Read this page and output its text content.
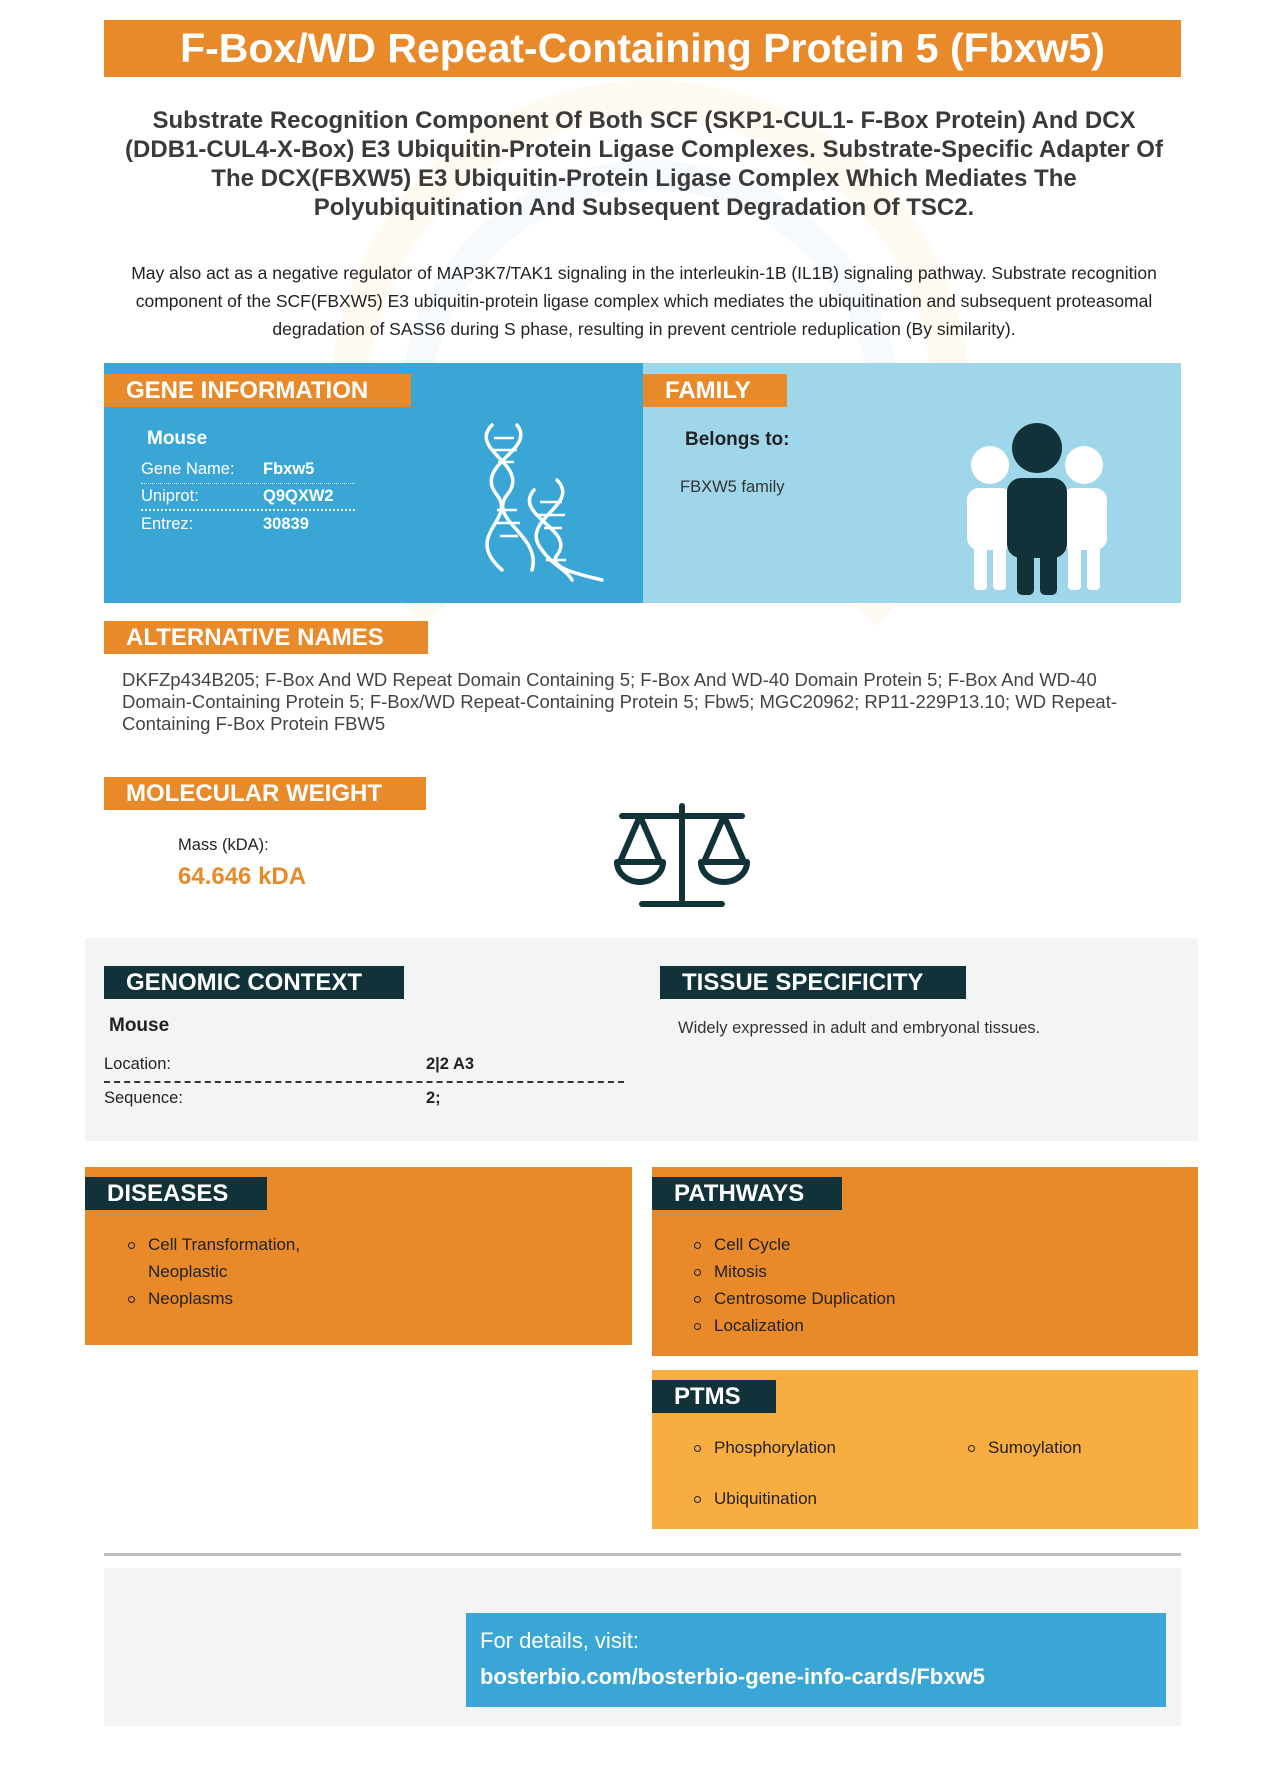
F-Box/WD Repeat-Containing Protein 5 (Fbxw5)
Substrate Recognition Component Of Both SCF (SKP1-CUL1- F-Box Protein) And DCX (DDB1-CUL4-X-Box) E3 Ubiquitin-Protein Ligase Complexes. Substrate-Specific Adapter Of The DCX(FBXW5) E3 Ubiquitin-Protein Ligase Complex Which Mediates The Polyubiquitination And Subsequent Degradation Of TSC2.
May also act as a negative regulator of MAP3K7/TAK1 signaling in the interleukin-1B (IL1B) signaling pathway. Substrate recognition component of the SCF(FBXW5) E3 ubiquitin-protein ligase complex which mediates the ubiquitination and subsequent proteasomal degradation of SASS6 during S phase, resulting in prevent centriole reduplication (By similarity).
GENE INFORMATION
Mouse
Gene Name: Fbxw5
Uniprot:	Q9QXW2
Entrez:	30839
FAMILY
Belongs to:
FBXW5 family
ALTERNATIVE NAMES
DKFZp434B205; F-Box And WD Repeat Domain Containing 5; F-Box And WD-40 Domain Protein 5; F-Box And WD-40 Domain-Containing Protein 5; F-Box/WD Repeat-Containing Protein 5; Fbw5; MGC20962; RP11-229P13.10; WD Repeat-Containing F-Box Protein FBW5
MOLECULAR WEIGHT
Mass (kDA):
64.646 kDA
GENOMIC CONTEXT
Mouse
Location:	2|2 A3
Sequence:	2;
TISSUE SPECIFICITY
Widely expressed in adult and embryonal tissues.
DISEASES
Cell Transformation, Neoplastic
Neoplasms
PATHWAYS
Cell Cycle
Mitosis
Centrosome Duplication
Localization
PTMS
Phosphorylation	Sumoylation
Ubiquitination
For details, visit:
bosterbio.com/bosterbio-gene-info-cards/Fbxw5
